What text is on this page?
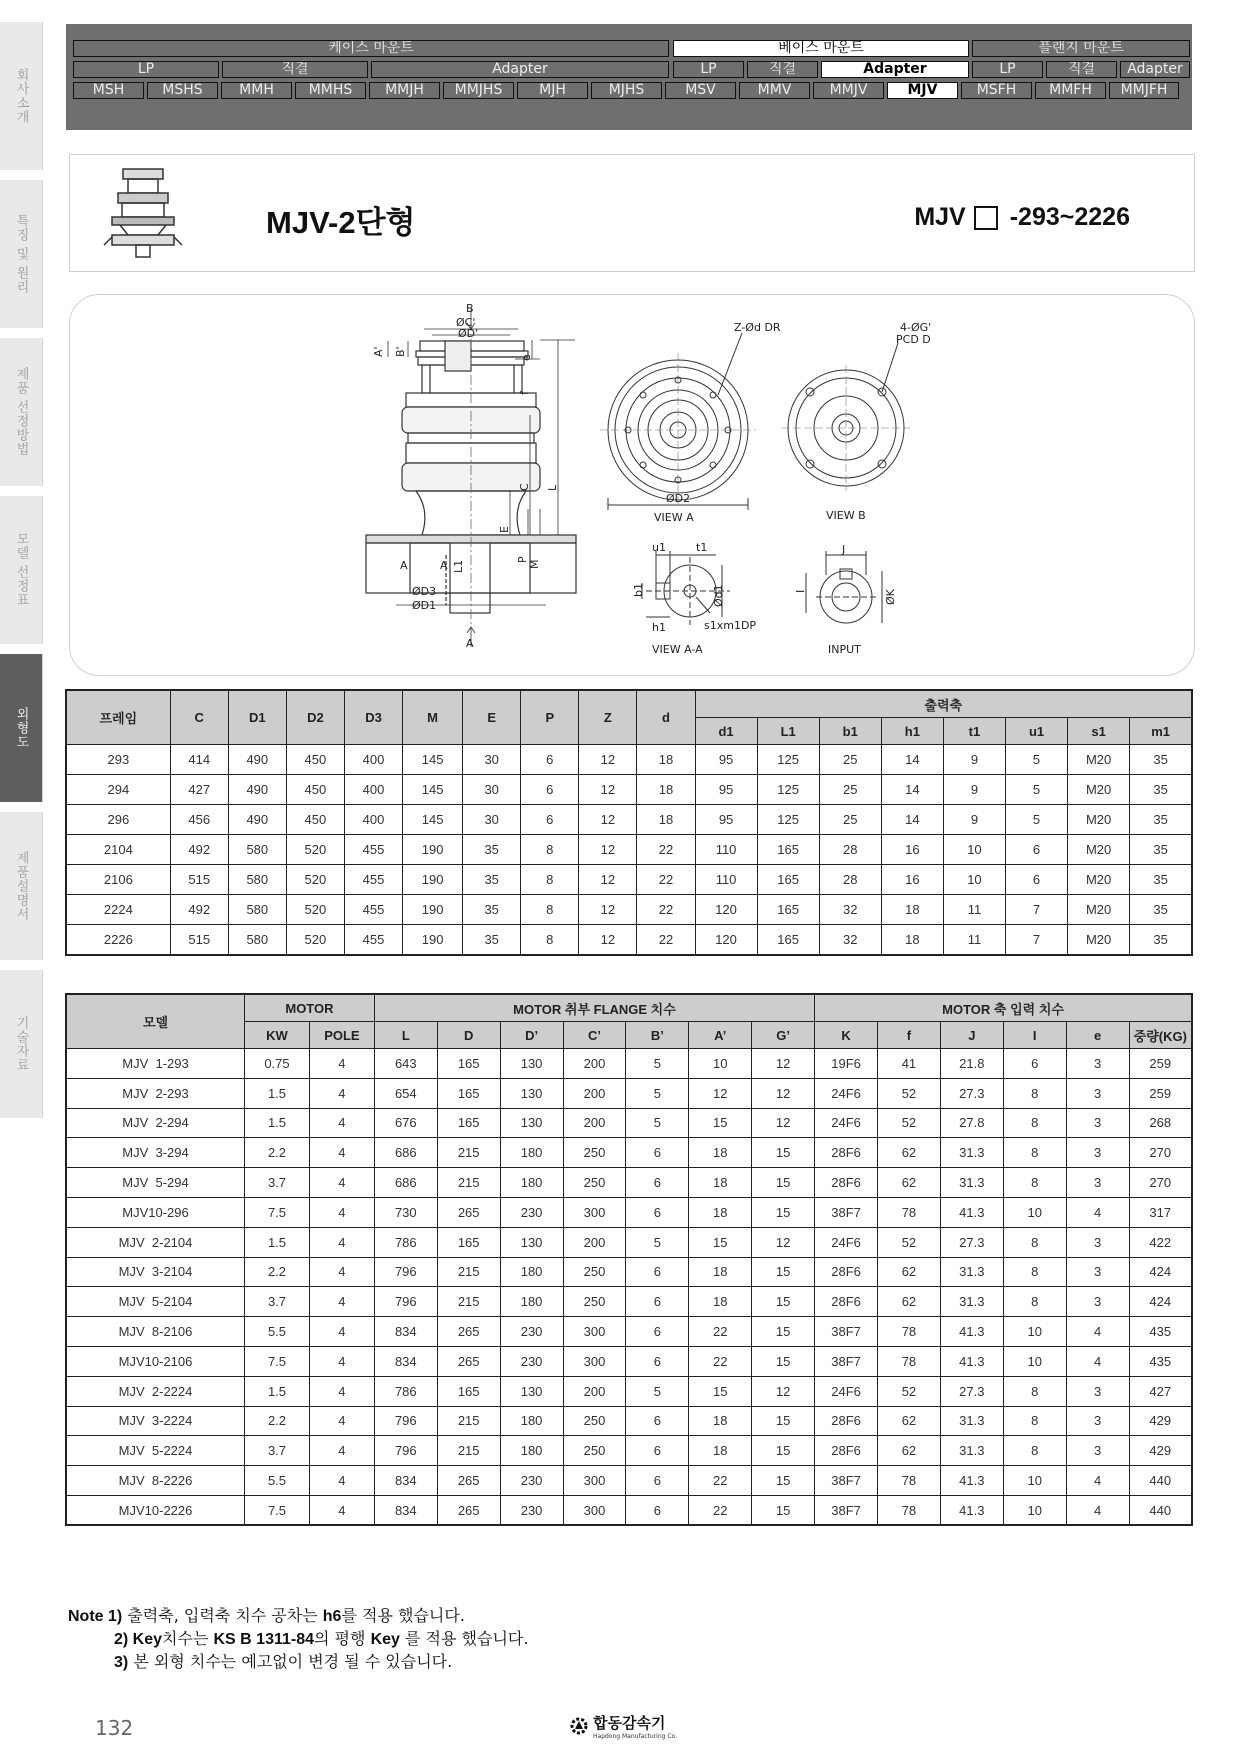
회사소개
특징 및 원리
제품 선정방법
모델 선정표
외형도
제품설명서
기술자료
케이스 마운트	베이스 마운트	플랜지 마운트
LP	직결	Adapter	LP	직결	Adapter	LP	직결	Adapter
MSH	MSHS	MMH	MMHS	MMJH	MMJHS	MJH	MJHS	MSV	MMV	MMJV	MJV	MSFH	MMFH	MMJFH
MJV-2단형	MJV -293~2226
B
A' B'
ØC'
ØD'
e
f
C L
E
P M
A	A L1
ØD3
ØD1
A
Z-Ød DR
ØD2
VIEW A
4-ØG'
PCD D
VIEW B
u1	t1
b1
h1
Ød1
s1xm1DP
VIEW A-A
J
I	ØK
INPUT
프레임	C	D1	D2	D3	M	E	P	Z	d	출력축							
										d1	L1	b1	h1	t1	u1	s1	m1
293	414	490	450	400	145	30	6	12	18	95	125	25	14	9	5	M20	35
294	427	490	450	400	145	30	6	12	18	95	125	25	14	9	5	M20	35
296	456	490	450	400	145	30	6	12	18	95	125	25	14	9	5	M20	35
2104	492	580	520	455	190	35	8	12	22	110	165	28	16	10	6	M20	35
2106	515	580	520	455	190	35	8	12	22	110	165	28	16	10	6	M20	35
2224	492	580	520	455	190	35	8	12	22	120	165	32	18	11	7	M20	35
2226	515	580	520	455	190	35	8	12	22	120	165	32	18	11	7	M20	35
모델	MOTOR		MOTOR 취부 FLANGE 치수							MOTOR 축 입력 치수					
	KW	POLE	L	D	D’	C’	B’	A’	G’	K	f	J	I	e	중량(KG)
MJV  1-293	0.75	4	643	165	130	200	5	10	12	19F6	41	21.8	6	3	259
MJV  2-293	1.5	4	654	165	130	200	5	12	12	24F6	52	27.3	8	3	259
MJV  2-294	1.5	4	676	165	130	200	5	15	12	24F6	52	27.8	8	3	268
MJV  3-294	2.2	4	686	215	180	250	6	18	15	28F6	62	31.3	8	3	270
MJV  5-294	3.7	4	686	215	180	250	6	18	15	28F6	62	31.3	8	3	270
MJV10-296	7.5	4	730	265	230	300	6	18	15	38F7	78	41.3	10	4	317
MJV  2-2104	1.5	4	786	165	130	200	5	15	12	24F6	52	27.3	8	3	422
MJV  3-2104	2.2	4	796	215	180	250	6	18	15	28F6	62	31.3	8	3	424
MJV  5-2104	3.7	4	796	215	180	250	6	18	15	28F6	62	31.3	8	3	424
MJV  8-2106	5.5	4	834	265	230	300	6	22	15	38F7	78	41.3	10	4	435
MJV10-2106	7.5	4	834	265	230	300	6	22	15	38F7	78	41.3	10	4	435
MJV  2-2224	1.5	4	786	165	130	200	5	15	12	24F6	52	27.3	8	3	427
MJV  3-2224	2.2	4	796	215	180	250	6	18	15	28F6	62	31.3	8	3	429
MJV  5-2224	3.7	4	796	215	180	250	6	18	15	28F6	62	31.3	8	3	429
MJV  8-2226	5.5	4	834	265	230	300	6	22	15	38F7	78	41.3	10	4	440
MJV10-2226	7.5	4	834	265	230	300	6	22	15	38F7	78	41.3	10	4	440
Note 1) 출력축, 입력축 치수 공차는 h6를 적용 했습니다.
2) Key치수는 KS B 1311-84의 평행 Key 를 적용 했습니다.
3) 본 외형 치수는 예고없이 변경 될 수 있습니다.
132	합동감속기
Hapdong Manufacturing Co.
